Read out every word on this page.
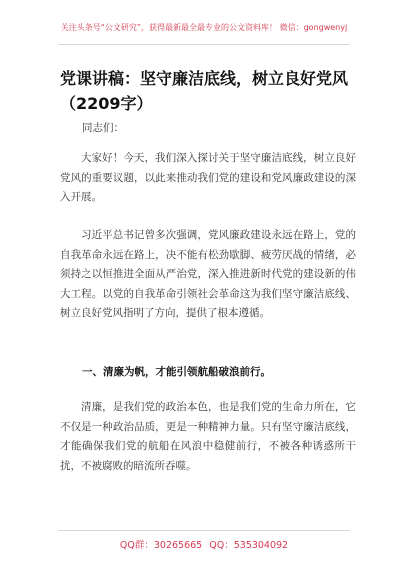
关注头条号“公文研究”，获得最新最全最专业的公文资料库！ 微信：gongwenyj
党课讲稿：坚守廉洁底线，树立良好党风（2209字）
同志们：

大家好！今天，我们深入探讨关于坚守廉洁底线，树立良好党风的重要议题，以此来推动我们党的建设和党风廉政建设的深入开展。

习近平总书记曾多次强调，党风廉政建设永远在路上，党的自我革命永远在路上，决不能有松劲歇脚、疲劳厌战的情绪，必须持之以恒推进全面从严治党，深入推进新时代党的建设新的伟大工程。以党的自我革命引领社会革命这为我们坚守廉洁底线、树立良好党风指明了方向，提供了根本遵循。

一、清廉为帆，才能引领航船破浪前行。

清廉，是我们党的政治本色，也是我们党的生命力所在，它不仅是一种政治品质，更是一种精神力量。只有坚守廉洁底线，才能确保我们党的航船在风浪中稳健前行，不被各种诱惑所干扰，不被腐败的暗流所吞噬。

QQ群：30265665 QQ：535304092
